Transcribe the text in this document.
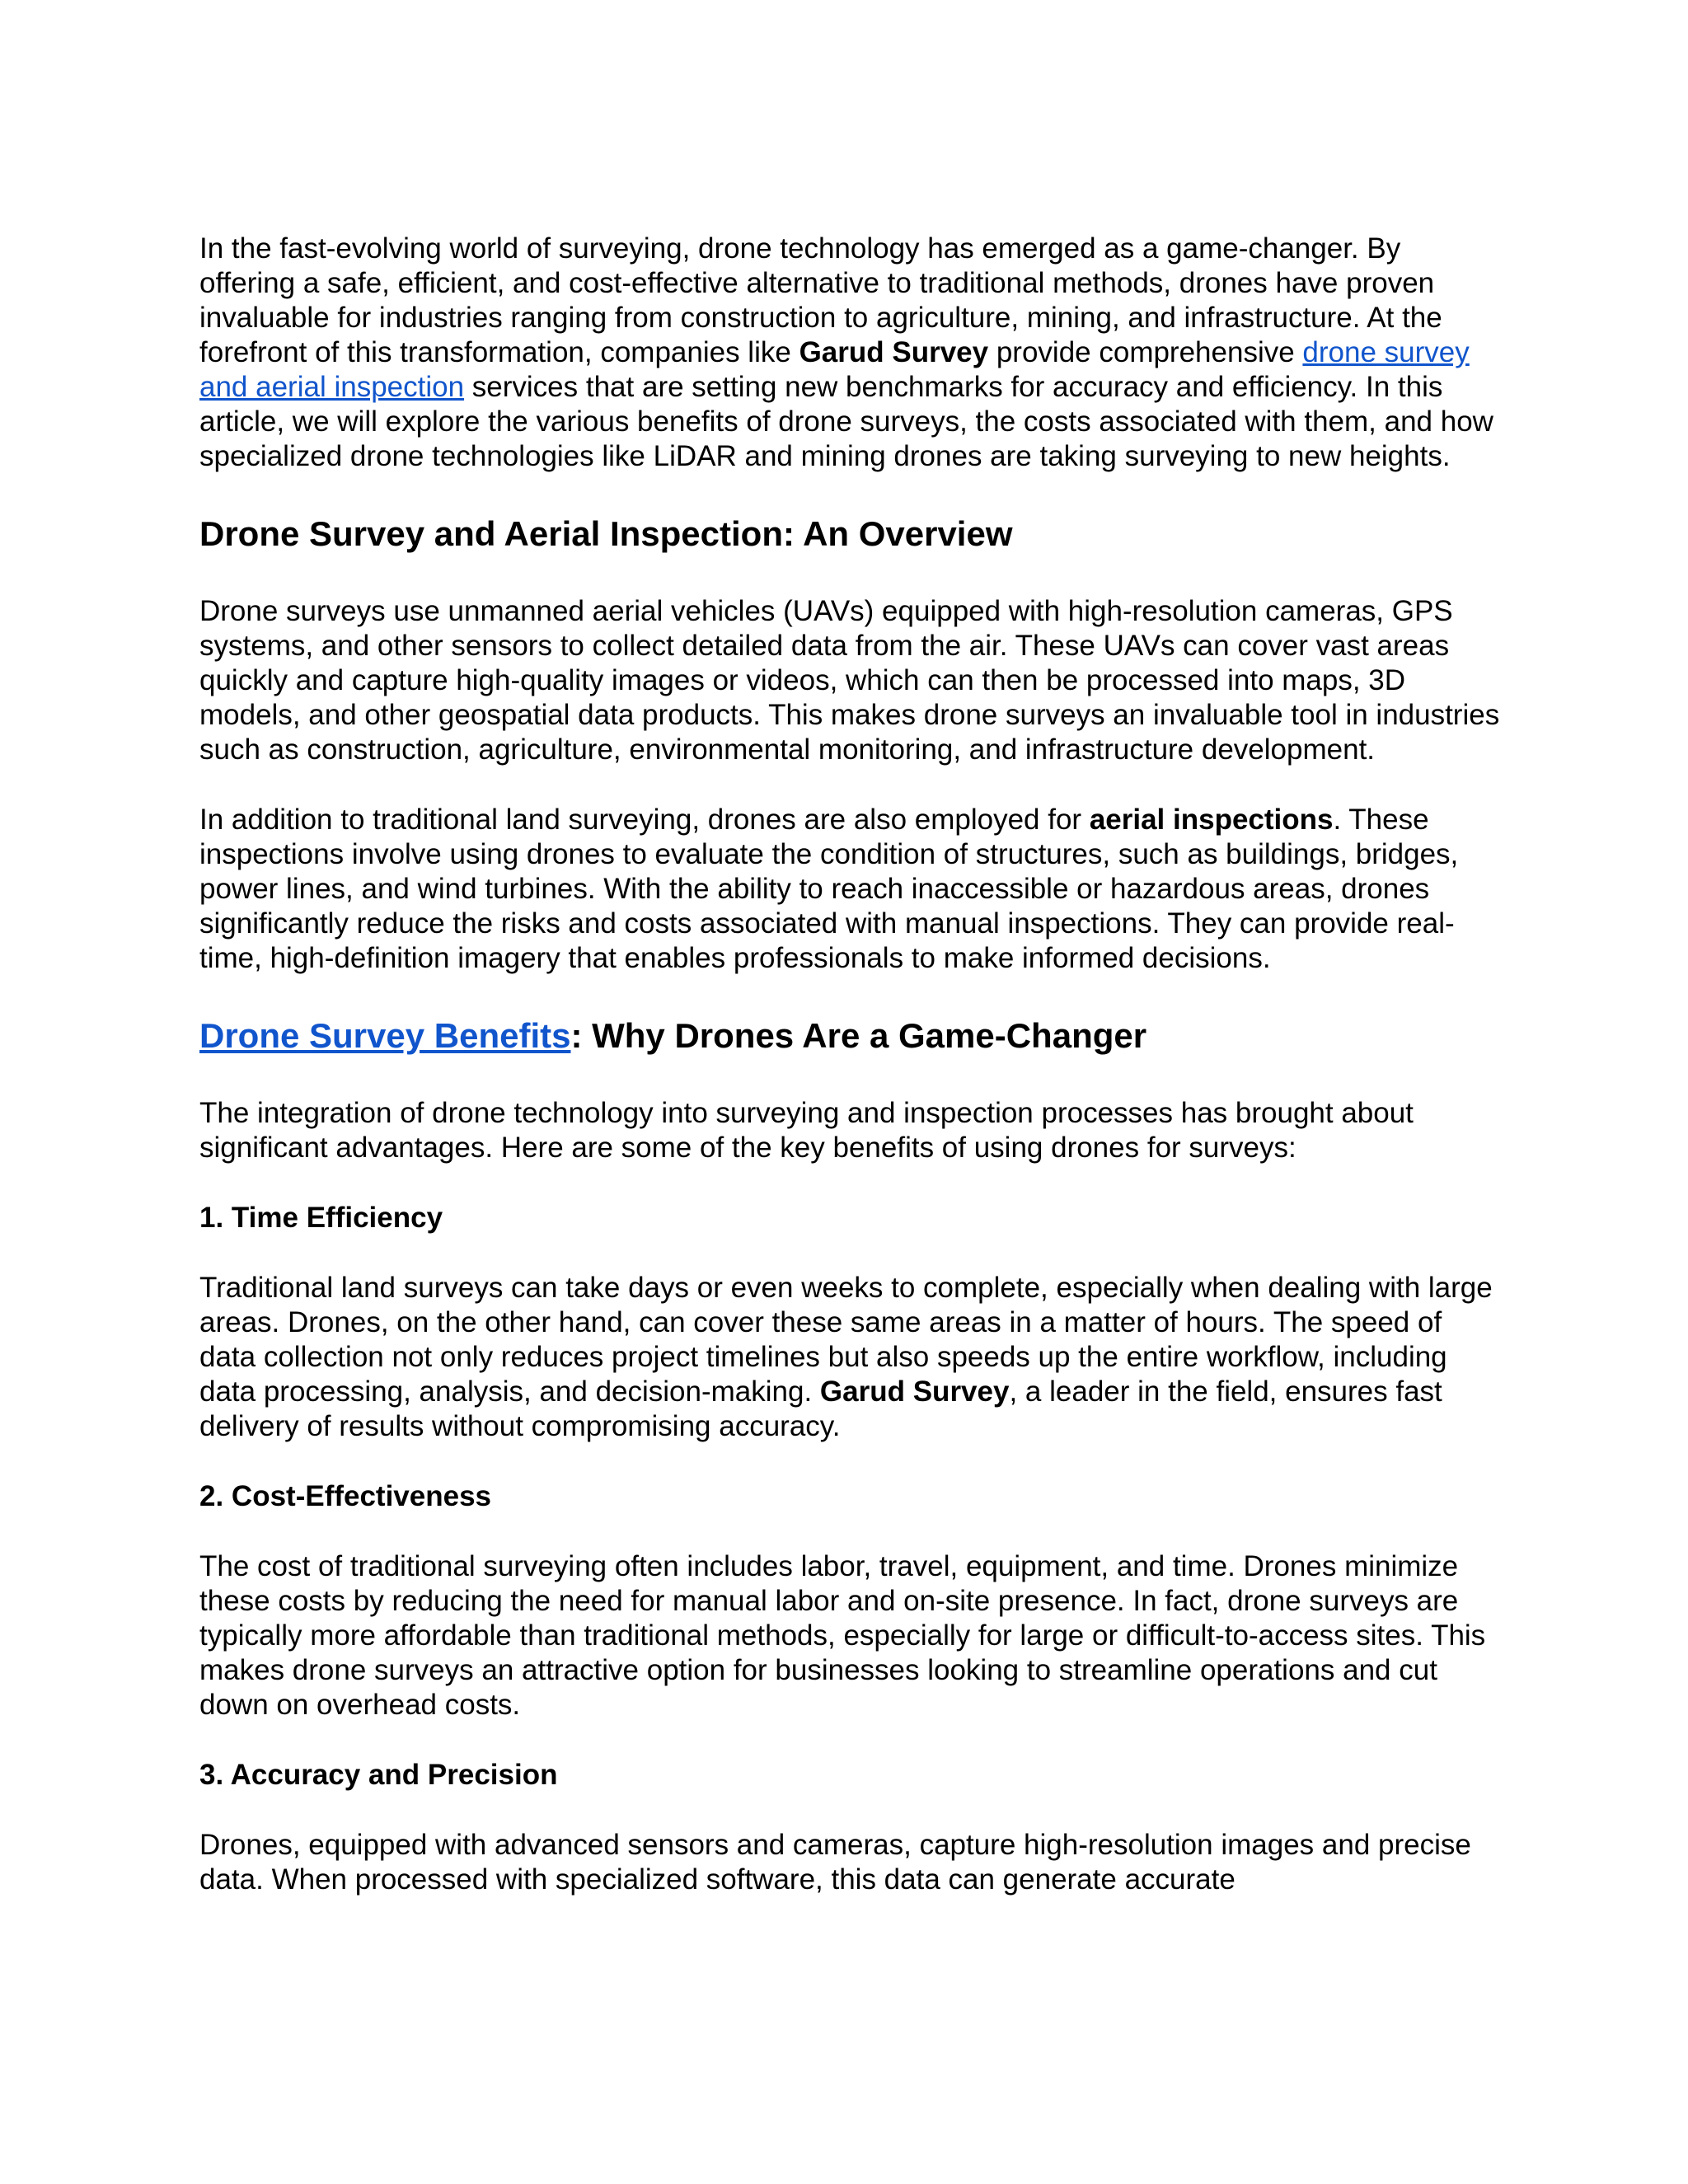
In the fast-evolving world of surveying, drone technology has emerged as a game-changer. By offering a safe, efficient, and cost-effective alternative to traditional methods, drones have proven invaluable for industries ranging from construction to agriculture, mining, and infrastructure. At the forefront of this transformation, companies like Garud Survey provide comprehensive drone survey and aerial inspection services that are setting new benchmarks for accuracy and efficiency. In this article, we will explore the various benefits of drone surveys, the costs associated with them, and how specialized drone technologies like LiDAR and mining drones are taking surveying to new heights.

Drone Survey and Aerial Inspection: An Overview

Drone surveys use unmanned aerial vehicles (UAVs) equipped with high-resolution cameras, GPS systems, and other sensors to collect detailed data from the air. These UAVs can cover vast areas quickly and capture high-quality images or videos, which can then be processed into maps, 3D models, and other geospatial data products. This makes drone surveys an invaluable tool in industries such as construction, agriculture, environmental monitoring, and infrastructure development.

In addition to traditional land surveying, drones are also employed for aerial inspections. These inspections involve using drones to evaluate the condition of structures, such as buildings, bridges, power lines, and wind turbines. With the ability to reach inaccessible or hazardous areas, drones significantly reduce the risks and costs associated with manual inspections. They can provide real-time, high-definition imagery that enables professionals to make informed decisions.

Drone Survey Benefits: Why Drones Are a Game-Changer

The integration of drone technology into surveying and inspection processes has brought about significant advantages. Here are some of the key benefits of using drones for surveys:

1. Time Efficiency

Traditional land surveys can take days or even weeks to complete, especially when dealing with large areas. Drones, on the other hand, can cover these same areas in a matter of hours. The speed of data collection not only reduces project timelines but also speeds up the entire workflow, including data processing, analysis, and decision-making. Garud Survey, a leader in the field, ensures fast delivery of results without compromising accuracy.

2. Cost-Effectiveness

The cost of traditional surveying often includes labor, travel, equipment, and time. Drones minimize these costs by reducing the need for manual labor and on-site presence. In fact, drone surveys are typically more affordable than traditional methods, especially for large or difficult-to-access sites. This makes drone surveys an attractive option for businesses looking to streamline operations and cut down on overhead costs.

3. Accuracy and Precision

Drones, equipped with advanced sensors and cameras, capture high-resolution images and precise data. When processed with specialized software, this data can generate accurate
